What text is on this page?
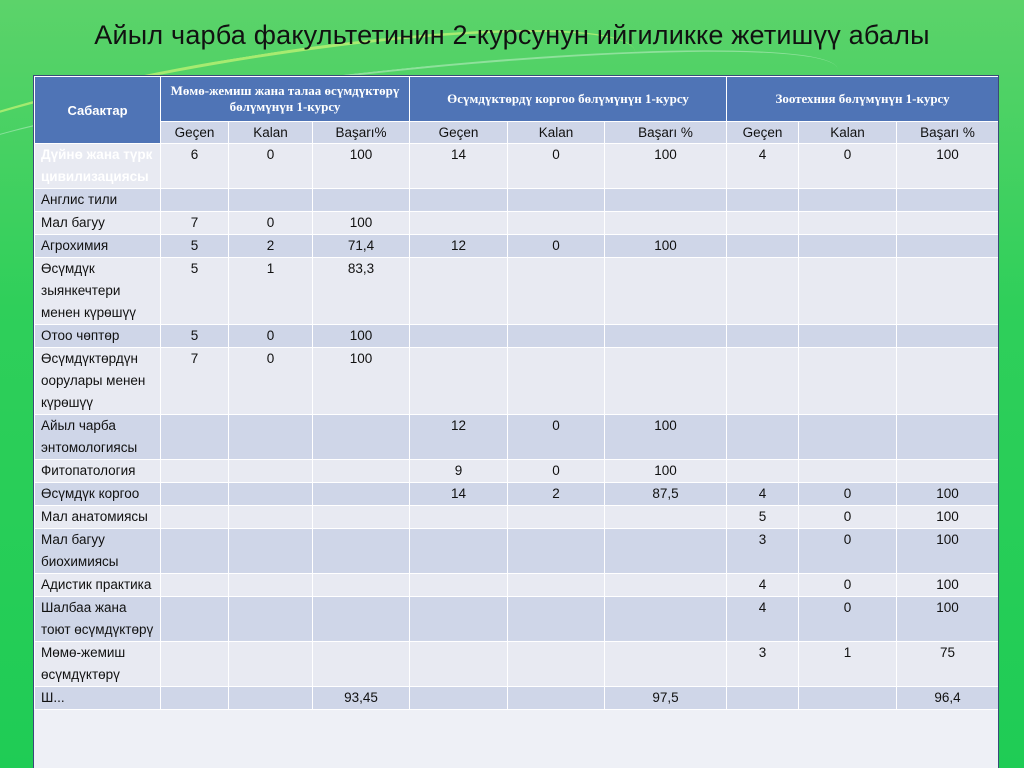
Айыл чарба факультетинин 2-курсунун ийгиликке жетишүү абалы
Сабактар	Мөмө-жемиш жана талаа өсүмдүктөрү бөлүмүнүн 1-курсу			Өсүмдүктөрдү коргоо бөлүмүнүн 1-курсу			Зоотехния бөлүмүнүн 1-курсу		
	Geçen	Kalan	Başarı%	Geçen	Kalan	Başarı %	Geçen	Kalan	Başarı %
Дүйнө жана түрк цивилизациясы	6	0	100	14	0	100	4	0	100
Англис тили									
Мал багуу	7	0	100						
Агрохимия	5	2	71,4	12	0	100			
Өсүмдүк зыянкечтери менен күрөшүү	5	1	83,3						
Отоо чөптөр	5	0	100						
Өсүмдүктөрдүн оорулары менен күрөшүү	7	0	100						
Айыл чарба энтомологиясы				12	0	100			
Фитопатология				9	0	100			
Өсүмдүк коргоо				14	2	87,5	4	0	100
Мал анатомиясы							5	0	100
Мал багуу биохимиясы							3	0	100
Адистик практика							4	0	100
Шалбаа жана тоют өсүмдүктөрү							4	0	100
Мөмө-жемиш өсүмдүктөрү							3	1	75
Ш...			93,45			97,5			96,4
